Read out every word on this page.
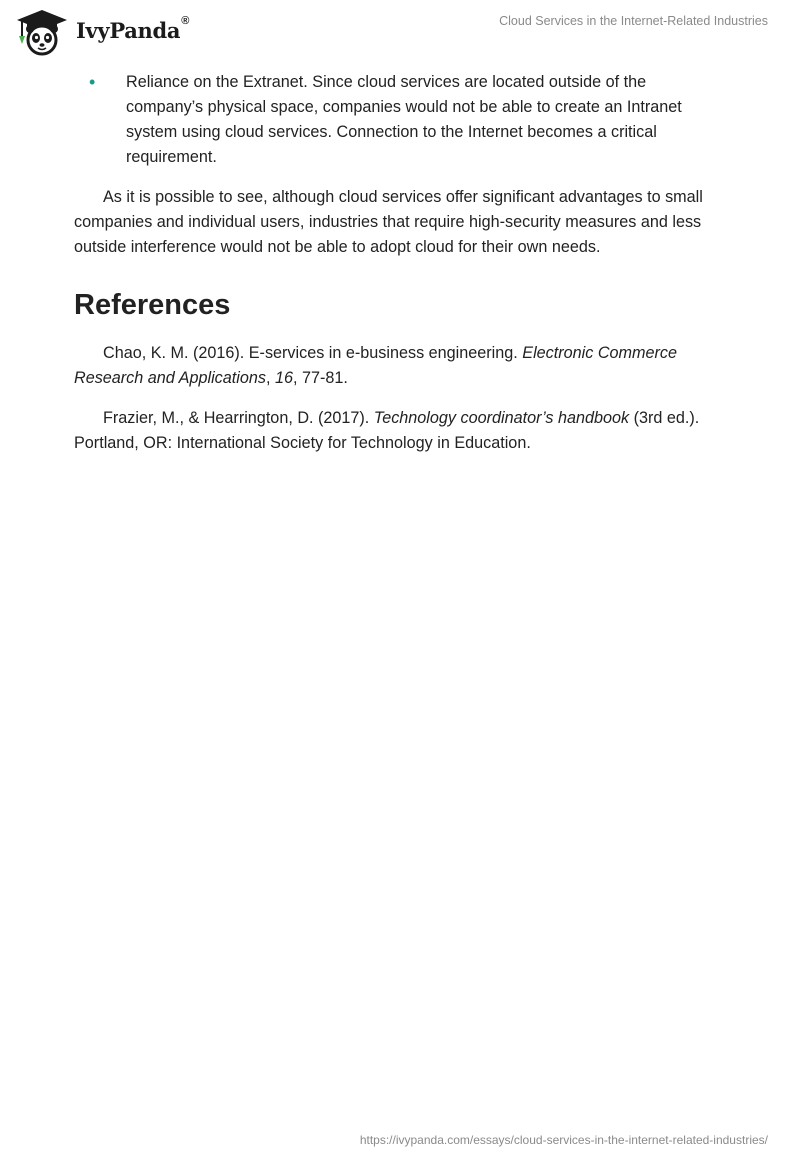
IvyPanda®	Cloud Services in the Internet-Related Industries
• Reliance on the Extranet. Since cloud services are located outside of the company’s physical space, companies would not be able to create an Intranet system using cloud services. Connection to the Internet becomes a critical requirement.

As it is possible to see, although cloud services offer significant advantages to small companies and individual users, industries that require high-security measures and less outside interference would not be able to adopt cloud for their own needs.

References

Chao, K. M. (2016). E-services in e-business engineering. Electronic Commerce Research and Applications, 16, 77-81.

Frazier, M., & Hearrington, D. (2017). Technology coordinator’s handbook (3rd ed.). Portland, OR: International Society for Technology in Education.

https://ivypanda.com/essays/cloud-services-in-the-internet-related-industries/
